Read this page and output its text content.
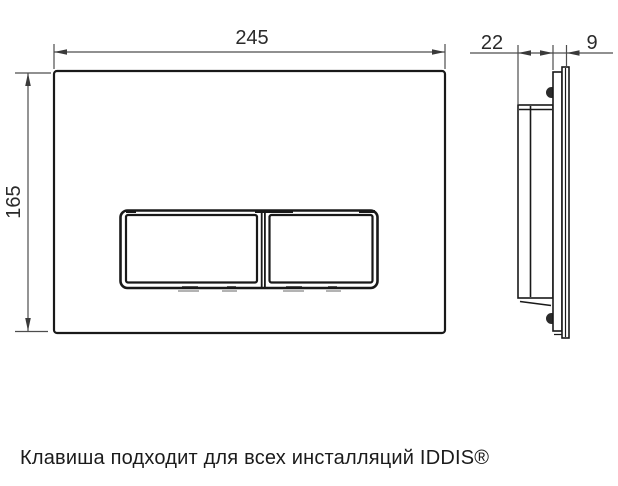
245
165
22	9
Клавиша подходит для всех инсталляций IDDIS®
